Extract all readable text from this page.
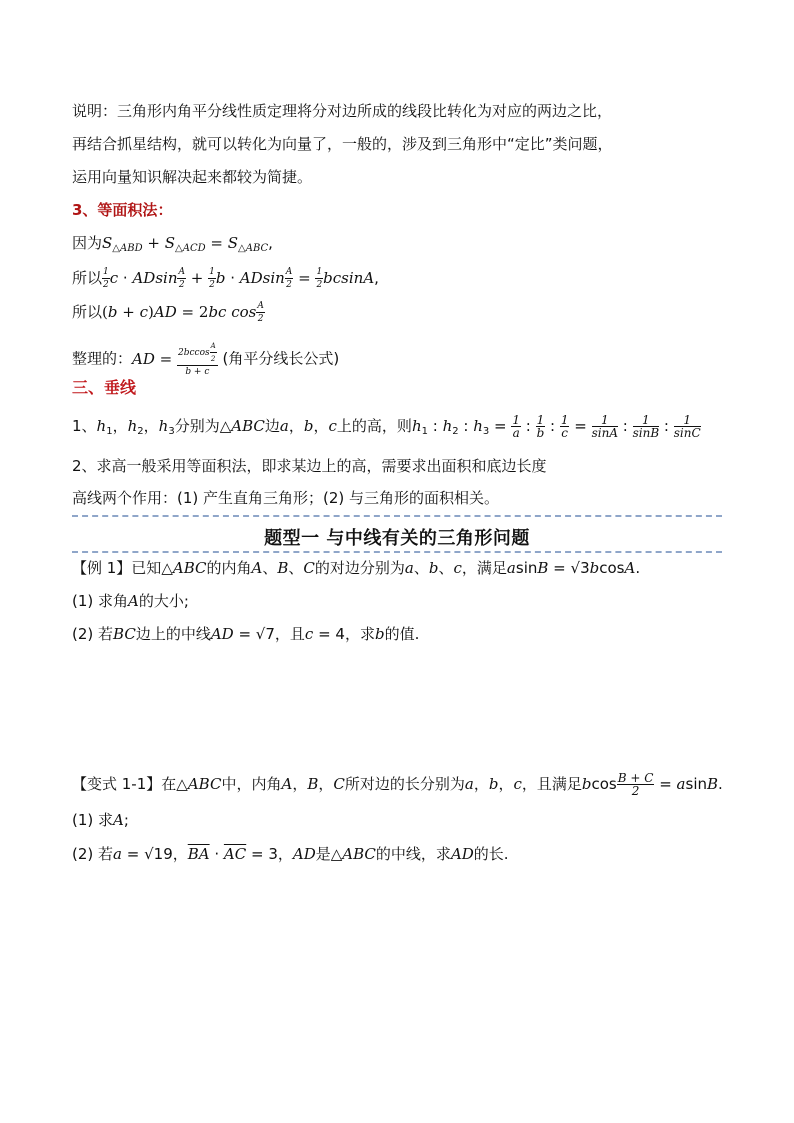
说明：三角形内角平分线性质定理将分对边所成的线段比转化为对应的两边之比，
再结合抓星结构，就可以转化为向量了，一般的，涉及到三角形中“定比”类问题，
运用向量知识解决起来都较为简捷。
3、等面积法：
因为$S_{\triangle ABD} + S_{\triangle ACD} = S_{\triangle ABC}$,
所以 $\frac{1}{2}$ c · ADsin $\frac{A}{2} + \frac{1}{2}$ b · ADsin $\frac{A}{2} = \frac{1}{2} bcsinA$,
所以(b + c)AD = 2bc $\cos \frac{A}{2}$
整理的：AD = $\frac{2bccos \frac{A}{2}}{b + c}$ (角平分线长公式)
三、垂线
1、$h_1$，$h_2$，$h_3$分别为△ABC边a，b，c上的高，则$h_1$ : $h_2$ : $h_3 = \frac{1}{a}$ : $\frac{1}{b}$ : $\frac{1}{c} = \frac{1}{\sin A}$ : $\frac{1}{\sin B}$ : $\frac{1}{\sin C}$
2、求高一般采用等面积法，即求某边上的高，需要求出面积和底边长度
高线两个作用：(1) 产生直角三角形；(2) 与三角形的面积相关。
题型一 与中线有关的三角形问题
【例 1】已知△ABC的内角A、B、C的对边分别为a、b、c，满足asinB = √3bcosA.
(1) 求角A的大小;
(2) 若BC边上的中线AD = √7，且c = 4，求b的值.
【变式 1-1】在△ABC中，内角A，B，C所对边的长分别为a，b，c，且满足bcos $\frac{B + C}{2} = asinB$.
(1) 求A;
(2) 若a = √19，$\overline{BA} \cdot \overline{AC} = 3$，AD是△ABC的中线，求AD的长.
